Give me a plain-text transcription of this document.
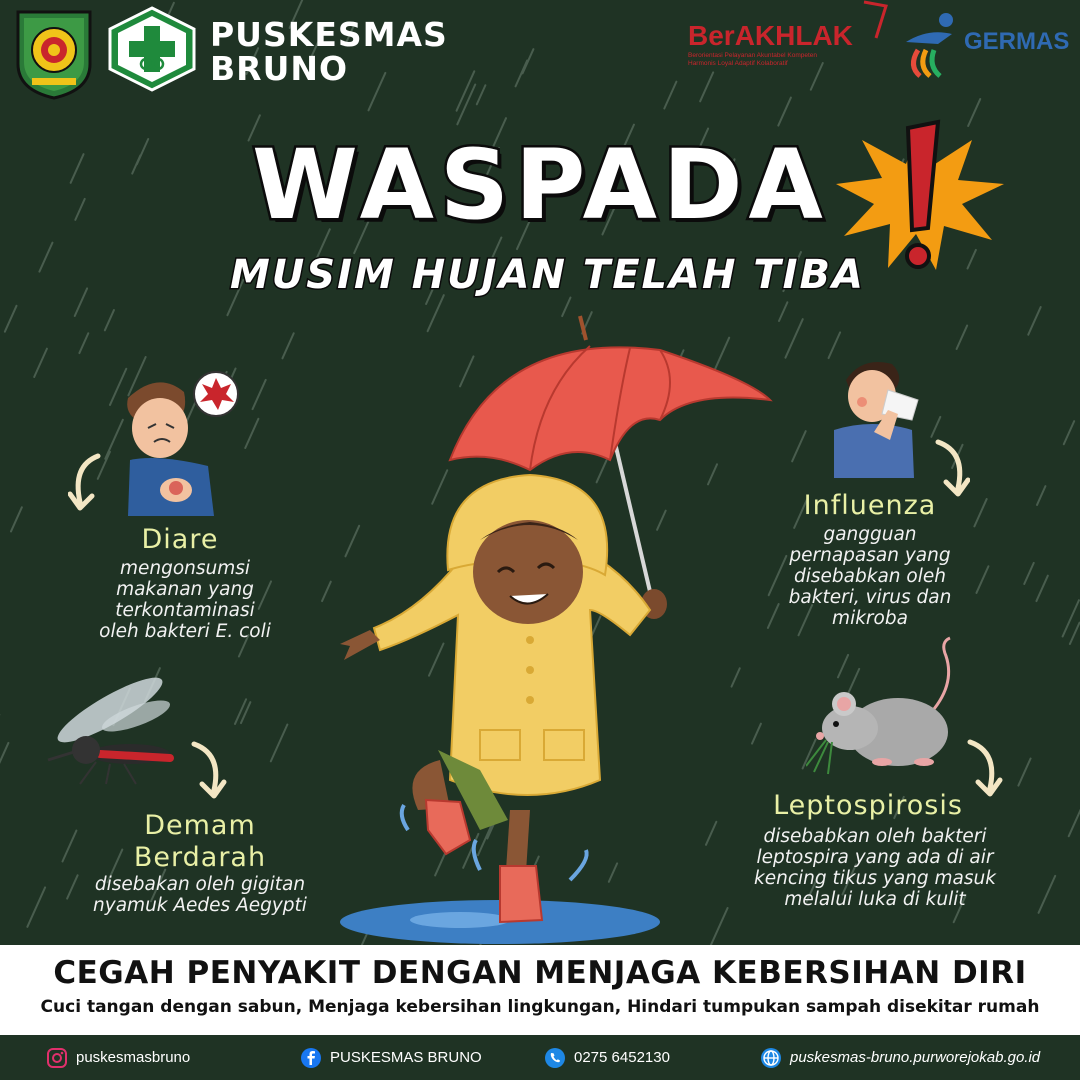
PUSKESMAS
BRUNO
BerAKHLAK
Berorientasi Pelayanan Akuntabel Kompeten
Harmonis Loyal Adaptif Kolaboratif
GERMAS
WASPADA
MUSIM HUJAN TELAH TIBA
Diare
mengonsumsi
makanan yang
terkontaminasi
oleh bakteri E. coli
Influenza
gangguan
pernapasan yang
disebabkan oleh
bakteri, virus dan
mikroba
Demam
Berdarah
disebakan oleh gigitan
nyamuk Aedes Aegypti
Leptospirosis
disebabkan oleh bakteri
leptospira yang ada di air
kencing tikus yang masuk
melalui luka di kulit
CEGAH PENYAKIT DENGAN MENJAGA KEBERSIHAN DIRI
Cuci tangan dengan sabun, Menjaga kebersihan lingkungan, Hindari tumpukan sampah disekitar rumah
puskesmasbruno	PUSKESMAS BRUNO	0275 6452130	puskesmas-bruno.purworejokab.go.id
